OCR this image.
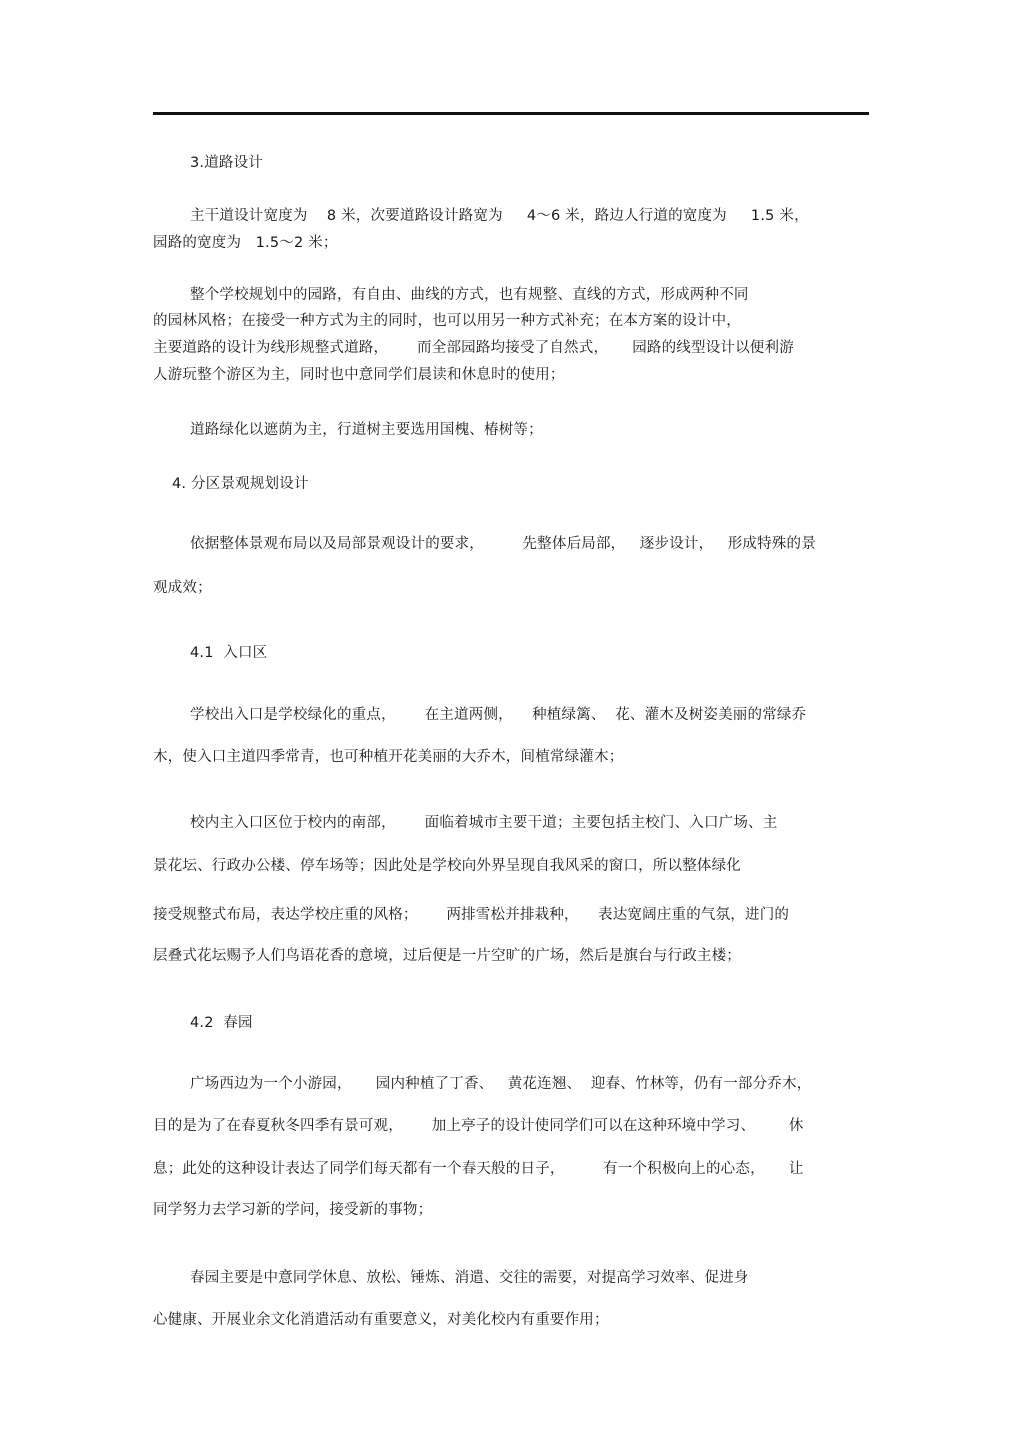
3.道路设计
主干道设计宽度为    8 米，次要道路设计路宽为     4～6 米，路边人行道的宽度为     1.5 米，
园路的宽度为   1.5～2 米；
整个学校规划中的园路，有自由、曲线的方式，也有规整、直线的方式，形成两种不同
的园林风格；在接受一种方式为主的同时，也可以用另一种方式补充；在本方案的设计中，
主要道路的设计为线形规整式道路，      而全部园路均接受了自然式，     园路的线型设计以便利游
人游玩整个游区为主，同时也中意同学们晨读和休息时的使用；
道路绿化以遮荫为主，行道树主要选用国槐、椿树等；
4. 分区景观规划设计
依据整体景观布局以及局部景观设计的要求，        先整体后局部，   逐步设计，   形成特殊的景
观成效；
4.1  入口区
学校出入口是学校绿化的重点，      在主道两侧，    种植绿篱、  花、灌木及树姿美丽的常绿乔
木，使入口主道四季常青，也可种植开花美丽的大乔木，间植常绿灌木；
校内主入口区位于校内的南部，      面临着城市主要干道；主要包括主校门、入口广场、主
景花坛、行政办公楼、停车场等；因此处是学校向外界呈现自我风采的窗口，所以整体绿化
接受规整式布局，表达学校庄重的风格；      两排雪松并排栽种，    表达宽阔庄重的气氛，进门的
层叠式花坛赐予人们鸟语花香的意境，过后便是一片空旷的广场，然后是旗台与行政主楼；
4.2  春园
广场西边为一个小游园，     园内种植了丁香、   黄花连翘、  迎春、竹林等，仍有一部分乔木，
目的是为了在春夏秋冬四季有景可观，      加上亭子的设计使同学们可以在这种环境中学习、       休
息；此处的这种设计表达了同学们每天都有一个春天般的日子，        有一个积极向上的心态，     让
同学努力去学习新的学问，接受新的事物；
春园主要是中意同学休息、放松、锤炼、消遣、交往的需要，对提高学习效率、促进身
心健康、开展业余文化消遣活动有重要意义，对美化校内有重要作用；
